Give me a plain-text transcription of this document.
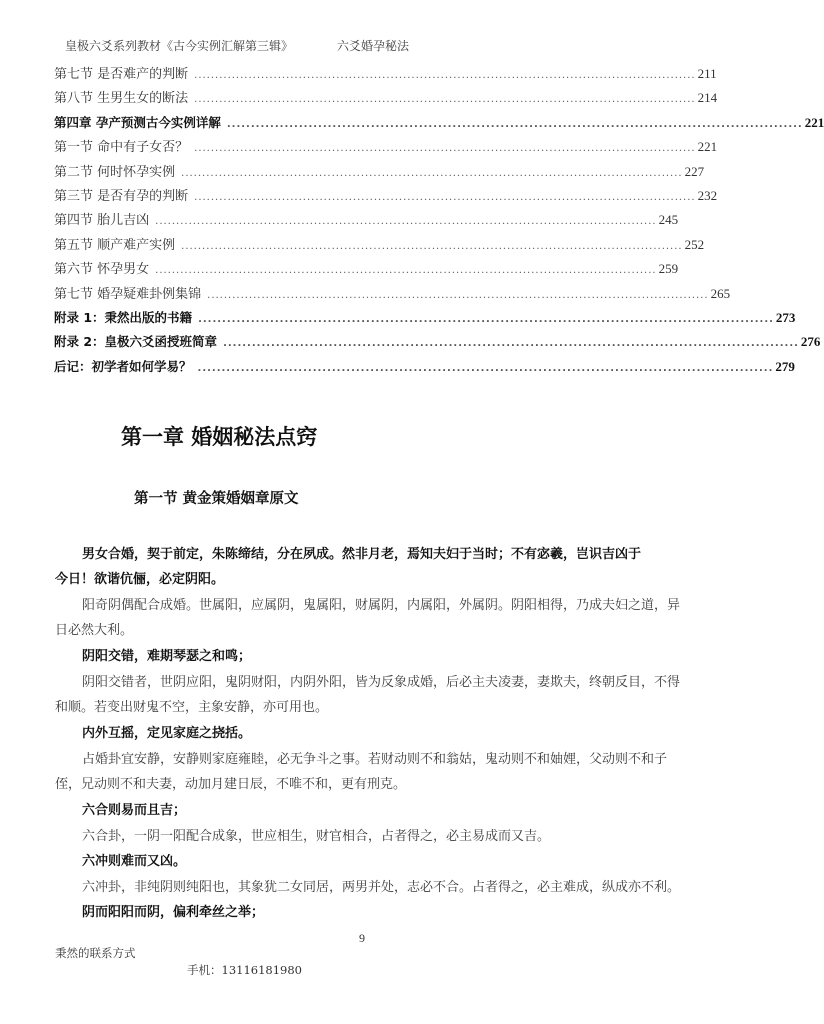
皇极六爻系列教材《古今实例汇解第三辑》	六爻婚孕秘法
第七节 是否难产的判断 ........................................................................................................................ 211
第八节 生男生女的断法 ........................................................................................................................ 214
第四章 孕产预测古今实例详解 ........................................................................................................................ 221
第一节 命中有子女否？ ........................................................................................................................ 221
第二节 何时怀孕实例 ........................................................................................................................ 227
第三节 是否有孕的判断 ........................................................................................................................ 232
第四节 胎儿吉凶 ........................................................................................................................ 245
第五节 顺产难产实例 ........................................................................................................................ 252
第六节 怀孕男女 ........................................................................................................................ 259
第七节 婚孕疑难卦例集锦 ........................................................................................................................ 265
附录 1：秉然出版的书籍 ........................................................................................................................ 273
附录 2：皇极六爻函授班简章 ........................................................................................................................ 276
后记：初学者如何学易？ ........................................................................................................................ 279
第一章 婚姻秘法点窍
第一节 黄金策婚姻章原文
男女合婚，契于前定，朱陈缔结，分在夙成。然非月老，焉知夫妇于当时；不有宓羲，岂识吉凶于
今日！欲谐伉俪，必定阴阳。
阳奇阴偶配合成婚。世属阳，应属阴，鬼属阳，财属阴，内属阳，外属阴。阴阳相得，乃成夫妇之道，异
日必然大利。
阴阳交错，难期琴瑟之和鸣；
阴阳交错者，世阴应阳，鬼阴财阳，内阴外阳，皆为反象成婚，后必主夫凌妻，妻欺夫，终朝反目，不得
和顺。若变出财鬼不空，主象安静，亦可用也。
内外互摇，定见家庭之挠括。
占婚卦宜安静，安静则家庭雍睦，必无争斗之事。若财动则不和翁姑，鬼动则不和妯娌，父动则不和子
侄，兄动则不和夫妻，动加月建日辰，不唯不和，更有刑克。
六合则易而且吉；
六合卦，一阴一阳配合成象，世应相生，财官相合，占者得之，必主易成而又吉。
六冲则难而又凶。
六冲卦，非纯阴则纯阳也，其象犹二女同居，两男并处，志必不合。占者得之，必主难成，纵成亦不利。
阴而阳阳而阴，偏利牵丝之举；
9
秉然的联系方式
手机：13116181980
